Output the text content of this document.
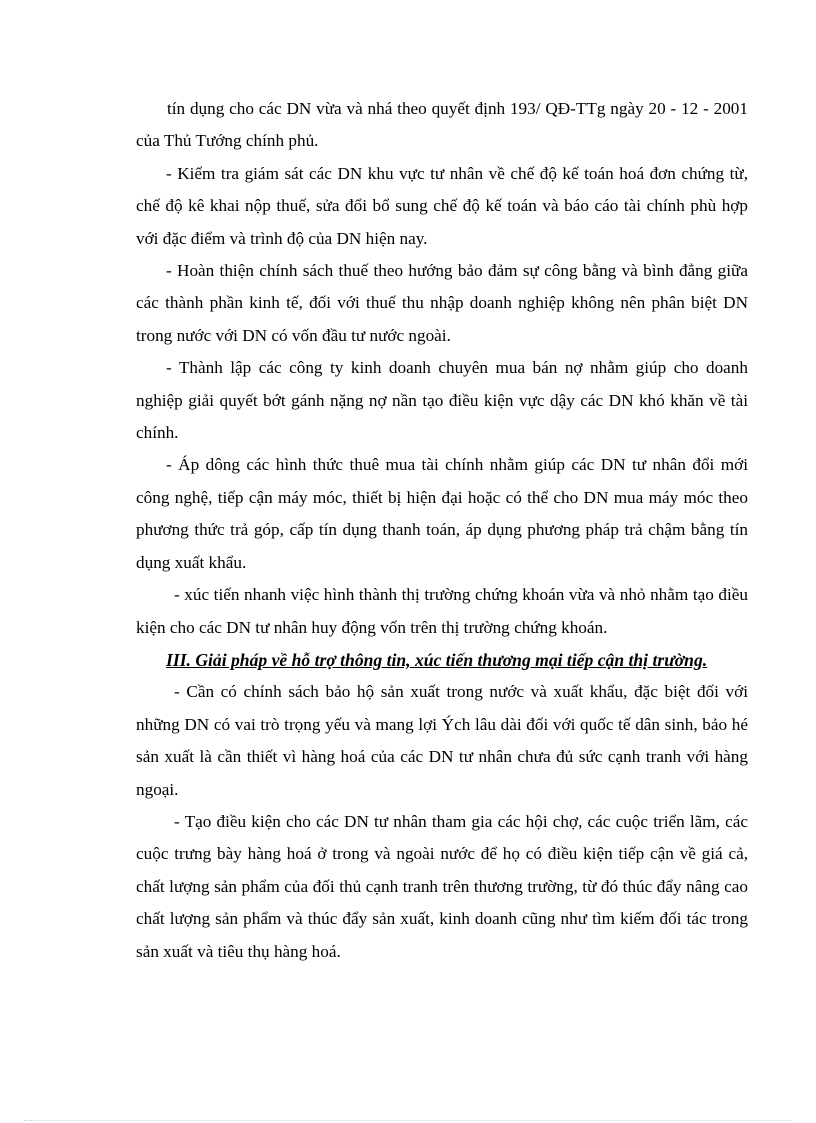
tín dụng cho các DN vừa và nhá theo quyết định 193/ QĐ-TTg ngày 20 - 12 - 2001 của Thủ Tướng chính phủ.

- Kiểm tra giám sát các DN khu vực tư nhân về chế độ kế toán hoá đơn chứng từ, chế độ kê khai nộp thuế, sửa đổi bổ sung chế độ kế toán và báo cáo tài chính phù hợp với đặc điểm và trình độ của DN hiện nay.

- Hoàn thiện chính sách thuế theo hướng bảo đảm sự công bằng và bình đẳng giữa các thành phần kinh tế, đối với thuế thu nhập doanh nghiệp không nên phân biệt DN trong nước với DN có vốn đầu tư nước ngoài.

- Thành lập các công ty kinh doanh chuyên mua bán nợ nhằm giúp cho doanh nghiệp giải quyết bớt gánh nặng nợ nần tạo điều kiện vực dậy các DN khó khăn về tài chính.

- Áp dông các hình thức thuê mua tài chính nhằm giúp các DN tư nhân đổi mới công nghệ, tiếp cận máy móc, thiết bị hiện đại hoặc có thể cho DN mua máy móc theo phương thức trả góp, cấp tín dụng thanh toán, áp dụng phương pháp trả chậm bằng tín dụng xuất khẩu.

- xúc tiến nhanh việc hình thành thị trường chứng khoán vừa và nhỏ nhằm tạo điều kiện cho các DN tư nhân huy động vốn trên thị trường chứng khoán.

III. Giải pháp về hỗ trợ thông tin, xúc tiến thương mại tiếp cận thị trường.

- Cần có chính sách bảo hộ sản xuất trong nước và xuất khẩu, đặc biệt đối với những DN có vai trò trọng yếu và mang lợi Ých lâu dài đối với quốc tế dân sinh, bảo hé sản xuất là cần thiết vì hàng hoá của các DN tư nhân chưa đủ sức cạnh tranh với hàng ngoại.

- Tạo điều kiện cho các DN tư nhân tham gia các hội chợ, các cuộc triển lãm, các cuộc trưng bày hàng hoá ở trong và ngoài nước để họ có điều kiện tiếp cận về giá cả, chất lượng sản phẩm của đối thủ cạnh tranh trên thương trường, từ đó thúc đẩy nâng cao chất lượng sản phẩm và thúc đẩy sản xuất, kinh doanh cũng như tìm kiếm đối tác trong sản xuất và tiêu thụ hàng hoá.
